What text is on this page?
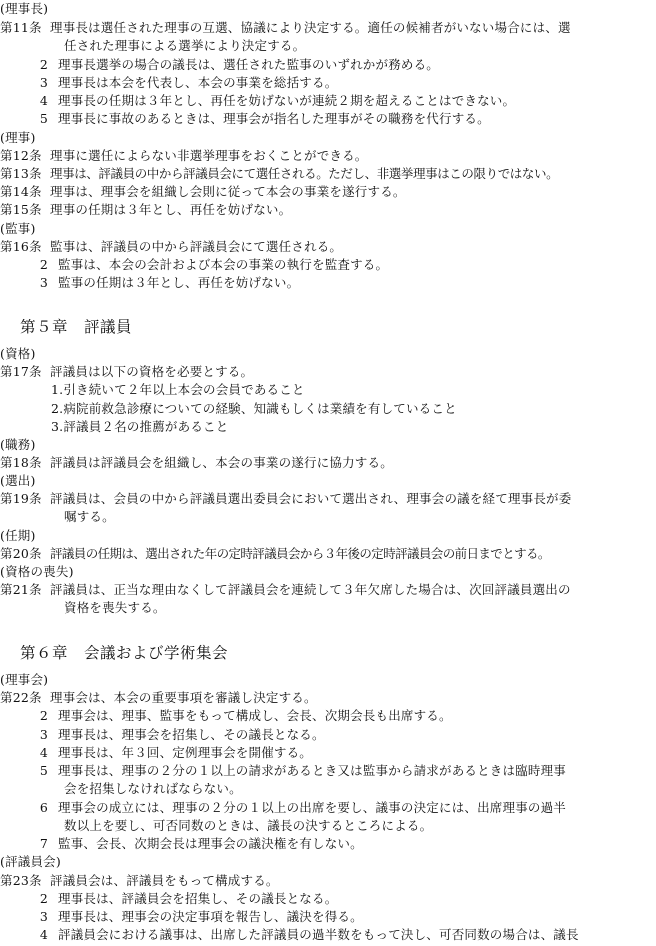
(理事長)
第11条 理事長は選任された理事の互選、協議により決定する。適任の候補者がいない場合には、選
任された理事による選挙により決定する。
2 理事長選挙の場合の議長は、選任された監事のいずれかが務める。
3 理事長は本会を代表し、本会の事業を総括する。
4 理事長の任期は３年とし、再任を妨げないが連続２期を超えることはできない。
5 理事長に事故のあるときは、理事会が指名した理事がその職務を代行する。
(理事)
第12条 理事に選任によらない非選挙理事をおくことができる。
第13条 理事は、評議員の中から評議員会にて選任される。ただし、非選挙理事はこの限りではない。
第14条 理事は、理事会を組織し会則に従って本会の事業を遂行する。
第15条 理事の任期は３年とし、再任を妨げない。
(監事)
第16条 監事は、評議員の中から評議員会にて選任される。
2 監事は、本会の会計および本会の事業の執行を監査する。
3 監事の任期は３年とし、再任を妨げない。
第５章　評議員
(資格)
第17条 評議員は以下の資格を必要とする。
1.引き続いて２年以上本会の会員であること
2.病院前救急診療についての経験、知識もしくは業績を有していること
3.評議員２名の推薦があること
(職務)
第18条 評議員は評議員会を組織し、本会の事業の遂行に協力する。
(選出)
第19条 評議員は、会員の中から評議員選出委員会において選出され、理事会の議を経て理事長が委
嘱する。
(任期)
第20条 評議員の任期は、選出された年の定時評議員会から３年後の定時評議員会の前日までとする。
(資格の喪失)
第21条 評議員は、正当な理由なくして評議員会を連続して３年欠席した場合は、次回評議員選出の
資格を喪失する。
第６章　会議および学術集会
(理事会)
第22条 理事会は、本会の重要事項を審議し決定する。
2 理事会は、理事、監事をもって構成し、会長、次期会長も出席する。
3 理事長は、理事会を招集し、その議長となる。
4 理事長は、年３回、定例理事会を開催する。
5 理事長は、理事の２分の１以上の請求があるとき又は監事から請求があるときは臨時理事
会を招集しなければならない。
6 理事会の成立には、理事の２分の１以上の出席を要し、議事の決定には、出席理事の過半
数以上を要し、可否同数のときは、議長の決するところによる。
7 監事、会長、次期会長は理事会の議決権を有しない。
(評議員会)
第23条 評議員会は、評議員をもって構成する。
2 理事長は、評議員会を招集し、その議長となる。
3 理事長は、理事会の決定事項を報告し、議決を得る。
4 評議員会における議事は、出席した評議員の過半数をもって決し、可否同数の場合は、議長
